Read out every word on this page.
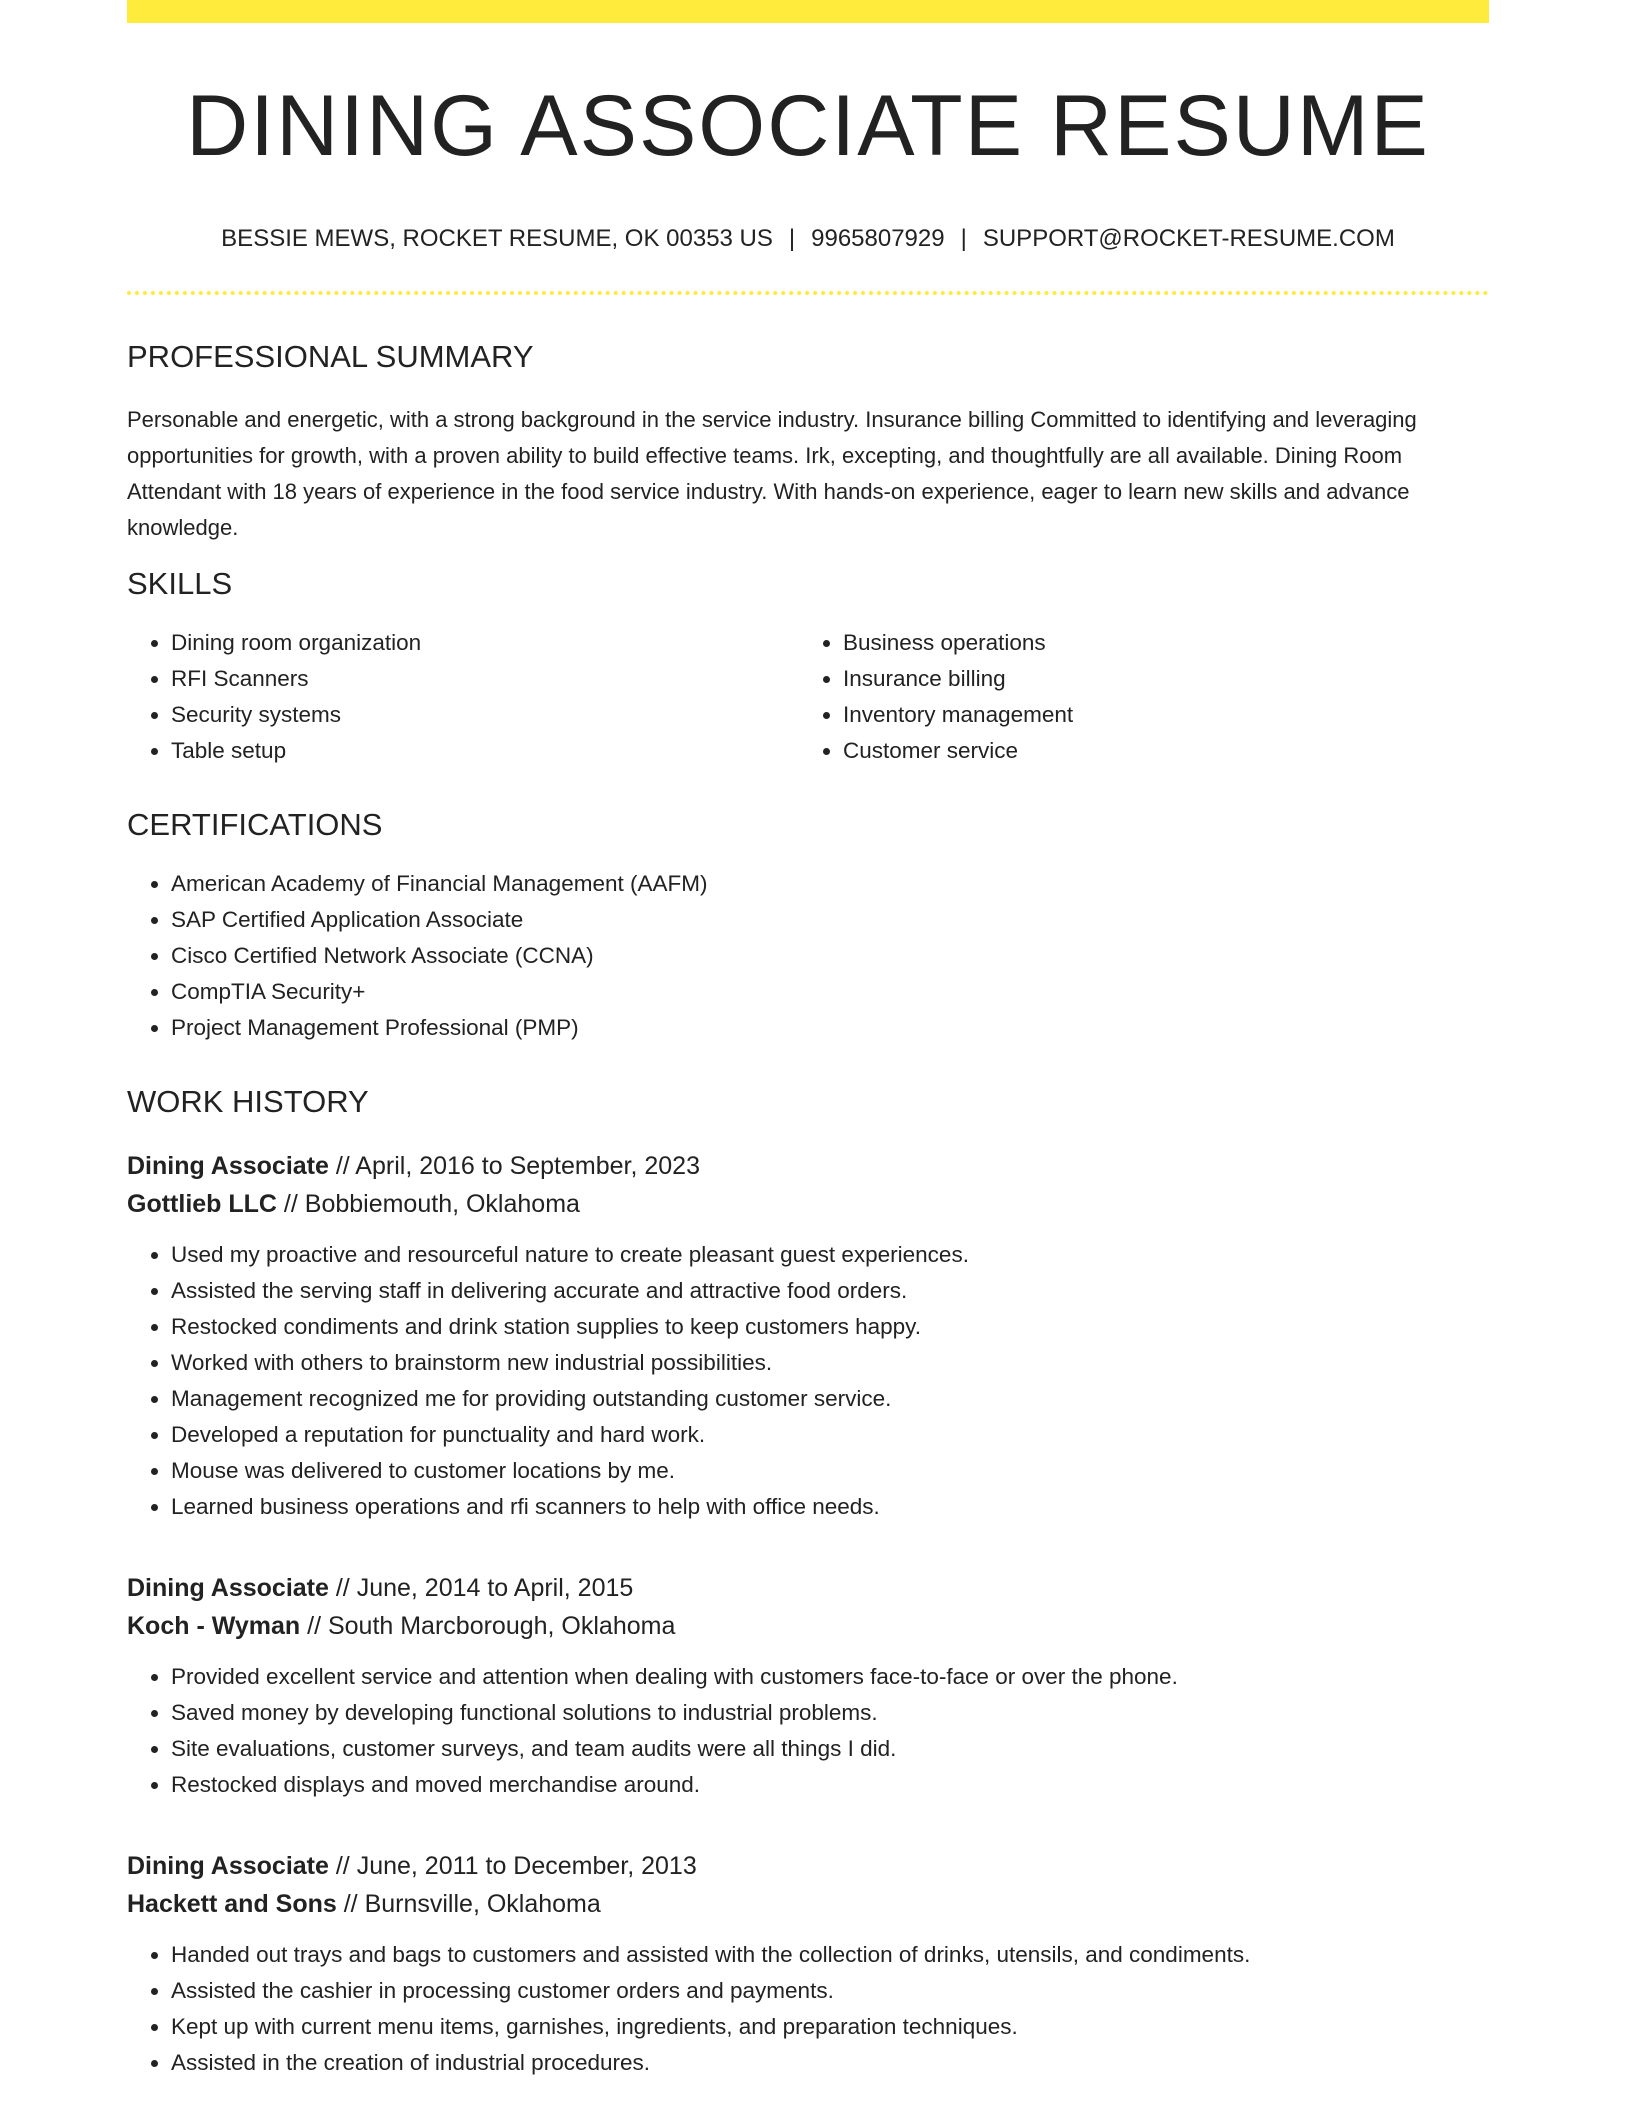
DINING ASSOCIATE RESUME
BESSIE MEWS, ROCKET RESUME, OK 00353 US | 9965807929 | SUPPORT@ROCKET-RESUME.COM
PROFESSIONAL SUMMARY

Personable and energetic, with a strong background in the service industry. Insurance billing Committed to identifying and leveraging opportunities for growth, with a proven ability to build effective teams. Irk, excepting, and thoughtfully are all available. Dining Room Attendant with 18 years of experience in the food service industry. With hands-on experience, eager to learn new skills and advance knowledge.

SKILLS
• Dining room organization
• RFI Scanners
• Security systems
• Table setup
• Business operations
• Insurance billing
• Inventory management
• Customer service
CERTIFICATIONS
• American Academy of Financial Management (AAFM)
• SAP Certified Application Associate
• Cisco Certified Network Associate (CCNA)
• CompTIA Security+
• Project Management Professional (PMP)
WORK HISTORY
Dining Associate // April, 2016 to September, 2023
Gottlieb LLC // Bobbiemouth, Oklahoma
• Used my proactive and resourceful nature to create pleasant guest experiences.
• Assisted the serving staff in delivering accurate and attractive food orders.
• Restocked condiments and drink station supplies to keep customers happy.
• Worked with others to brainstorm new industrial possibilities.
• Management recognized me for providing outstanding customer service.
• Developed a reputation for punctuality and hard work.
• Mouse was delivered to customer locations by me.
• Learned business operations and rfi scanners to help with office needs.
Dining Associate // June, 2014 to April, 2015
Koch - Wyman // South Marcborough, Oklahoma
• Provided excellent service and attention when dealing with customers face-to-face or over the phone.
• Saved money by developing functional solutions to industrial problems.
• Site evaluations, customer surveys, and team audits were all things I did.
• Restocked displays and moved merchandise around.
Dining Associate // June, 2011 to December, 2013
Hackett and Sons // Burnsville, Oklahoma
• Handed out trays and bags to customers and assisted with the collection of drinks, utensils, and condiments.
• Assisted the cashier in processing customer orders and payments.
• Kept up with current menu items, garnishes, ingredients, and preparation techniques.
• Assisted in the creation of industrial procedures.
